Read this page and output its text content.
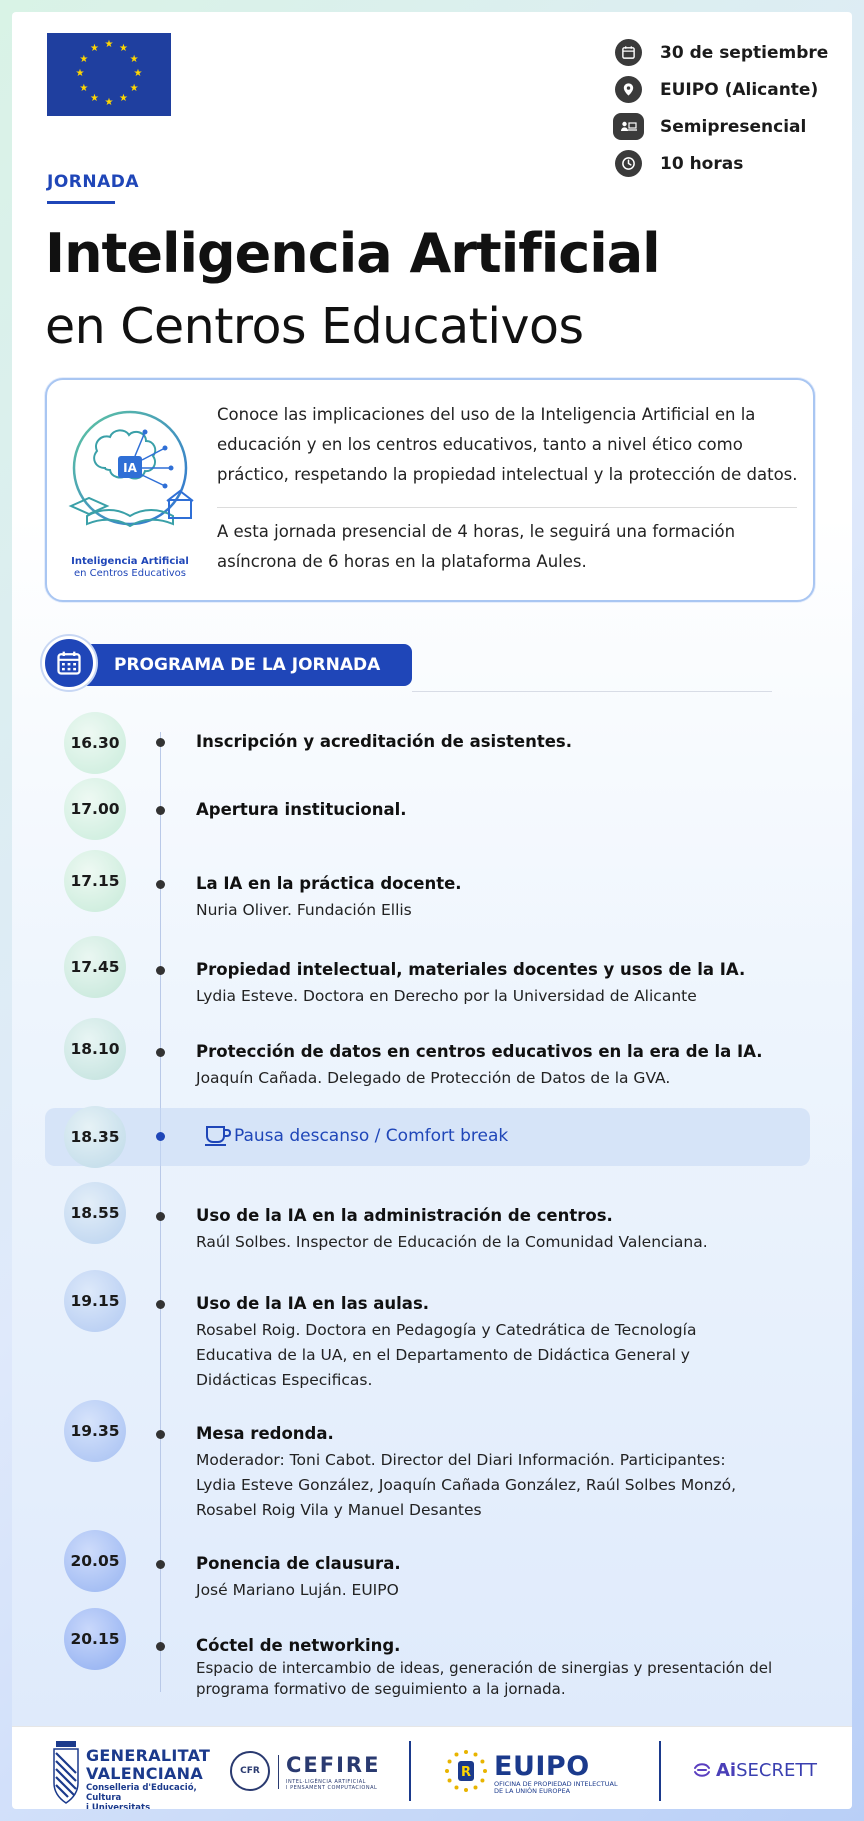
★ ★
★
★
★
★
★
★
★
★
★
★	30 de septiembre
EUIPO (Alicante)
Semipresencial
10 horas
JORNADA
Inteligencia Artificial
en Centros Educativos
IA
Inteligencia Artificial
en Centros Educativos

Conoce las implicaciones del uso de la Inteligencia Artificial en la educación y en los centros educativos, tanto a nivel ético como práctico, respetando la propiedad intelectual y la protección de datos.

A esta jornada presencial de 4 horas, le seguirá una formación asíncrona de 6 horas en la plataforma Aules.

PROGRAMA DE LA JORNADA
16.30	Inscripción y acreditación de asistentes.
17.00	Apertura institucional.
17.15	La IA en la práctica docente.
Nuria Oliver. Fundación Ellis
17.45	Propiedad intelectual, materiales docentes y usos de la IA.
Lydia Esteve. Doctora en Derecho por la Universidad de Alicante
18.10	Protección de datos en centros educativos en la era de la IA.
Joaquín Cañada. Delegado de Protección de Datos de la GVA.
18.35	Pausa descanso / Comfort break
18.55	Uso de la IA en la administración de centros.
Raúl Solbes. Inspector de Educación de la Comunidad Valenciana.
19.15	Uso de la IA en las aulas.
Rosabel Roig. Doctora en Pedagogía y Catedrática de Tecnología Educativa de la UA, en el Departamento de Didáctica General y Didácticas Especificas.
19.35	Mesa redonda.
Moderador: Toni Cabot. Director del Diari Información. Participantes: Lydia Esteve González, Joaquín Cañada González, Raúl Solbes Monzó, Rosabel Roig Vila y Manuel Desantes
20.05	Ponencia de clausura.
José Mariano Luján. EUIPO
20.15	Cóctel de networking.
Espacio de intercambio de ideas, generación de sinergias y presentación del programa formativo de seguimiento a la jornada.
GENERALITAT
VALENCIANA
Conselleria d'Educació, Cultura
i Universitats
CFR	CEFIRE
INTEL·LIGÈNCIA ARTIFICIAL
I PENSAMENT COMPUTACIONAL
R EUIPO
OFICINA DE PROPIEDAD INTELECTUAL
DE LA UNIÓN EUROPEA
AiSECRETT
